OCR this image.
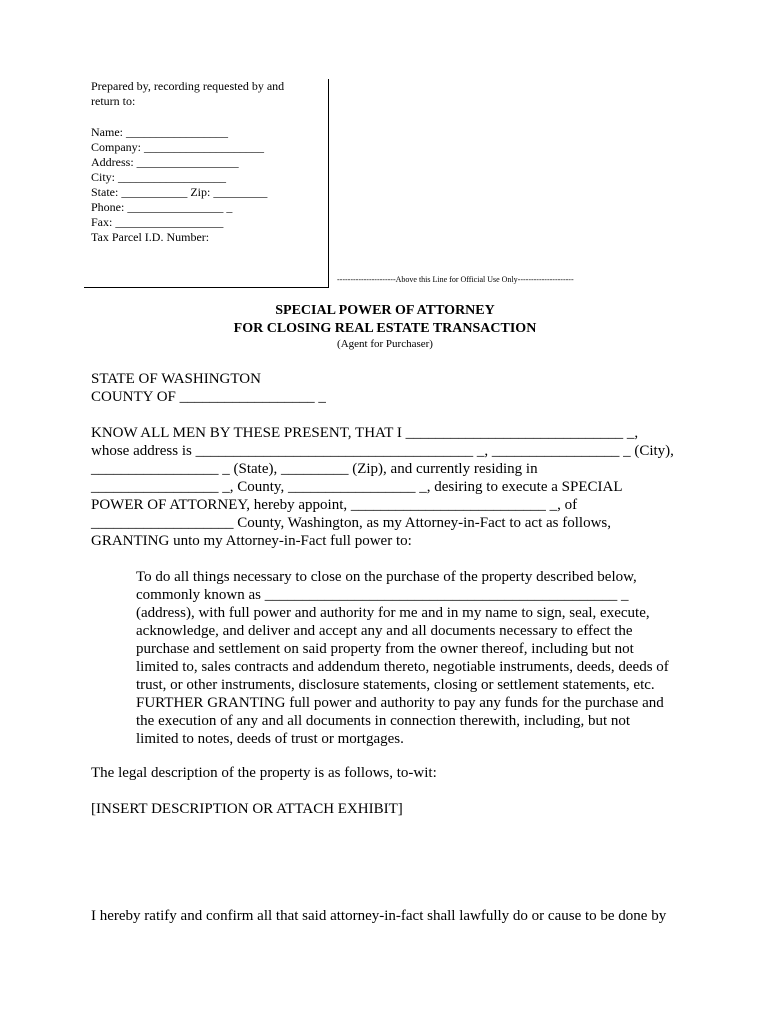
Prepared by, recording requested by and
return to:
Name: _________________
Company: ____________________
Address: _________________
City: __________________
State: ___________ Zip: _________
Phone: ________________ _
Fax: __________________
Tax Parcel I.D. Number:
----------------------Above this Line for Official Use Only---------------------
SPECIAL POWER OF ATTORNEY
FOR CLOSING REAL ESTATE TRANSACTION
(Agent for Purchaser)
STATE OF WASHINGTON
COUNTY OF __________________ _
KNOW ALL MEN BY THESE PRESENT, THAT I _____________________________ _,
whose address is _____________________________________ _, _________________ _ (City),
_________________ _ (State), _________ (Zip), and currently residing in
_________________ _, County, _________________ _, desiring to execute a SPECIAL
POWER OF ATTORNEY, hereby appoint, __________________________ _, of
___________________ County, Washington, as my Attorney-in-Fact to act as follows,
GRANTING unto my Attorney-in-Fact full power to:
To do all things necessary to close on the purchase of the property described below,
commonly known as _______________________________________________ _
(address), with full power and authority for me and in my name to sign, seal, execute,
acknowledge, and deliver and accept any and all documents necessary to effect the
purchase and settlement on said property from the owner thereof, including but not
limited to, sales contracts and addendum thereto, negotiable instruments, deeds, deeds of
trust, or other instruments, disclosure statements, closing or settlement statements, etc.
FURTHER GRANTING full power and authority to pay any funds for the purchase and
the execution of any and all documents in connection therewith, including, but not
limited to notes, deeds of trust or mortgages.
The legal description of the property is as follows, to-wit:
[INSERT DESCRIPTION OR ATTACH EXHIBIT]
I hereby ratify and confirm all that said attorney-in-fact shall lawfully do or cause to be done by
